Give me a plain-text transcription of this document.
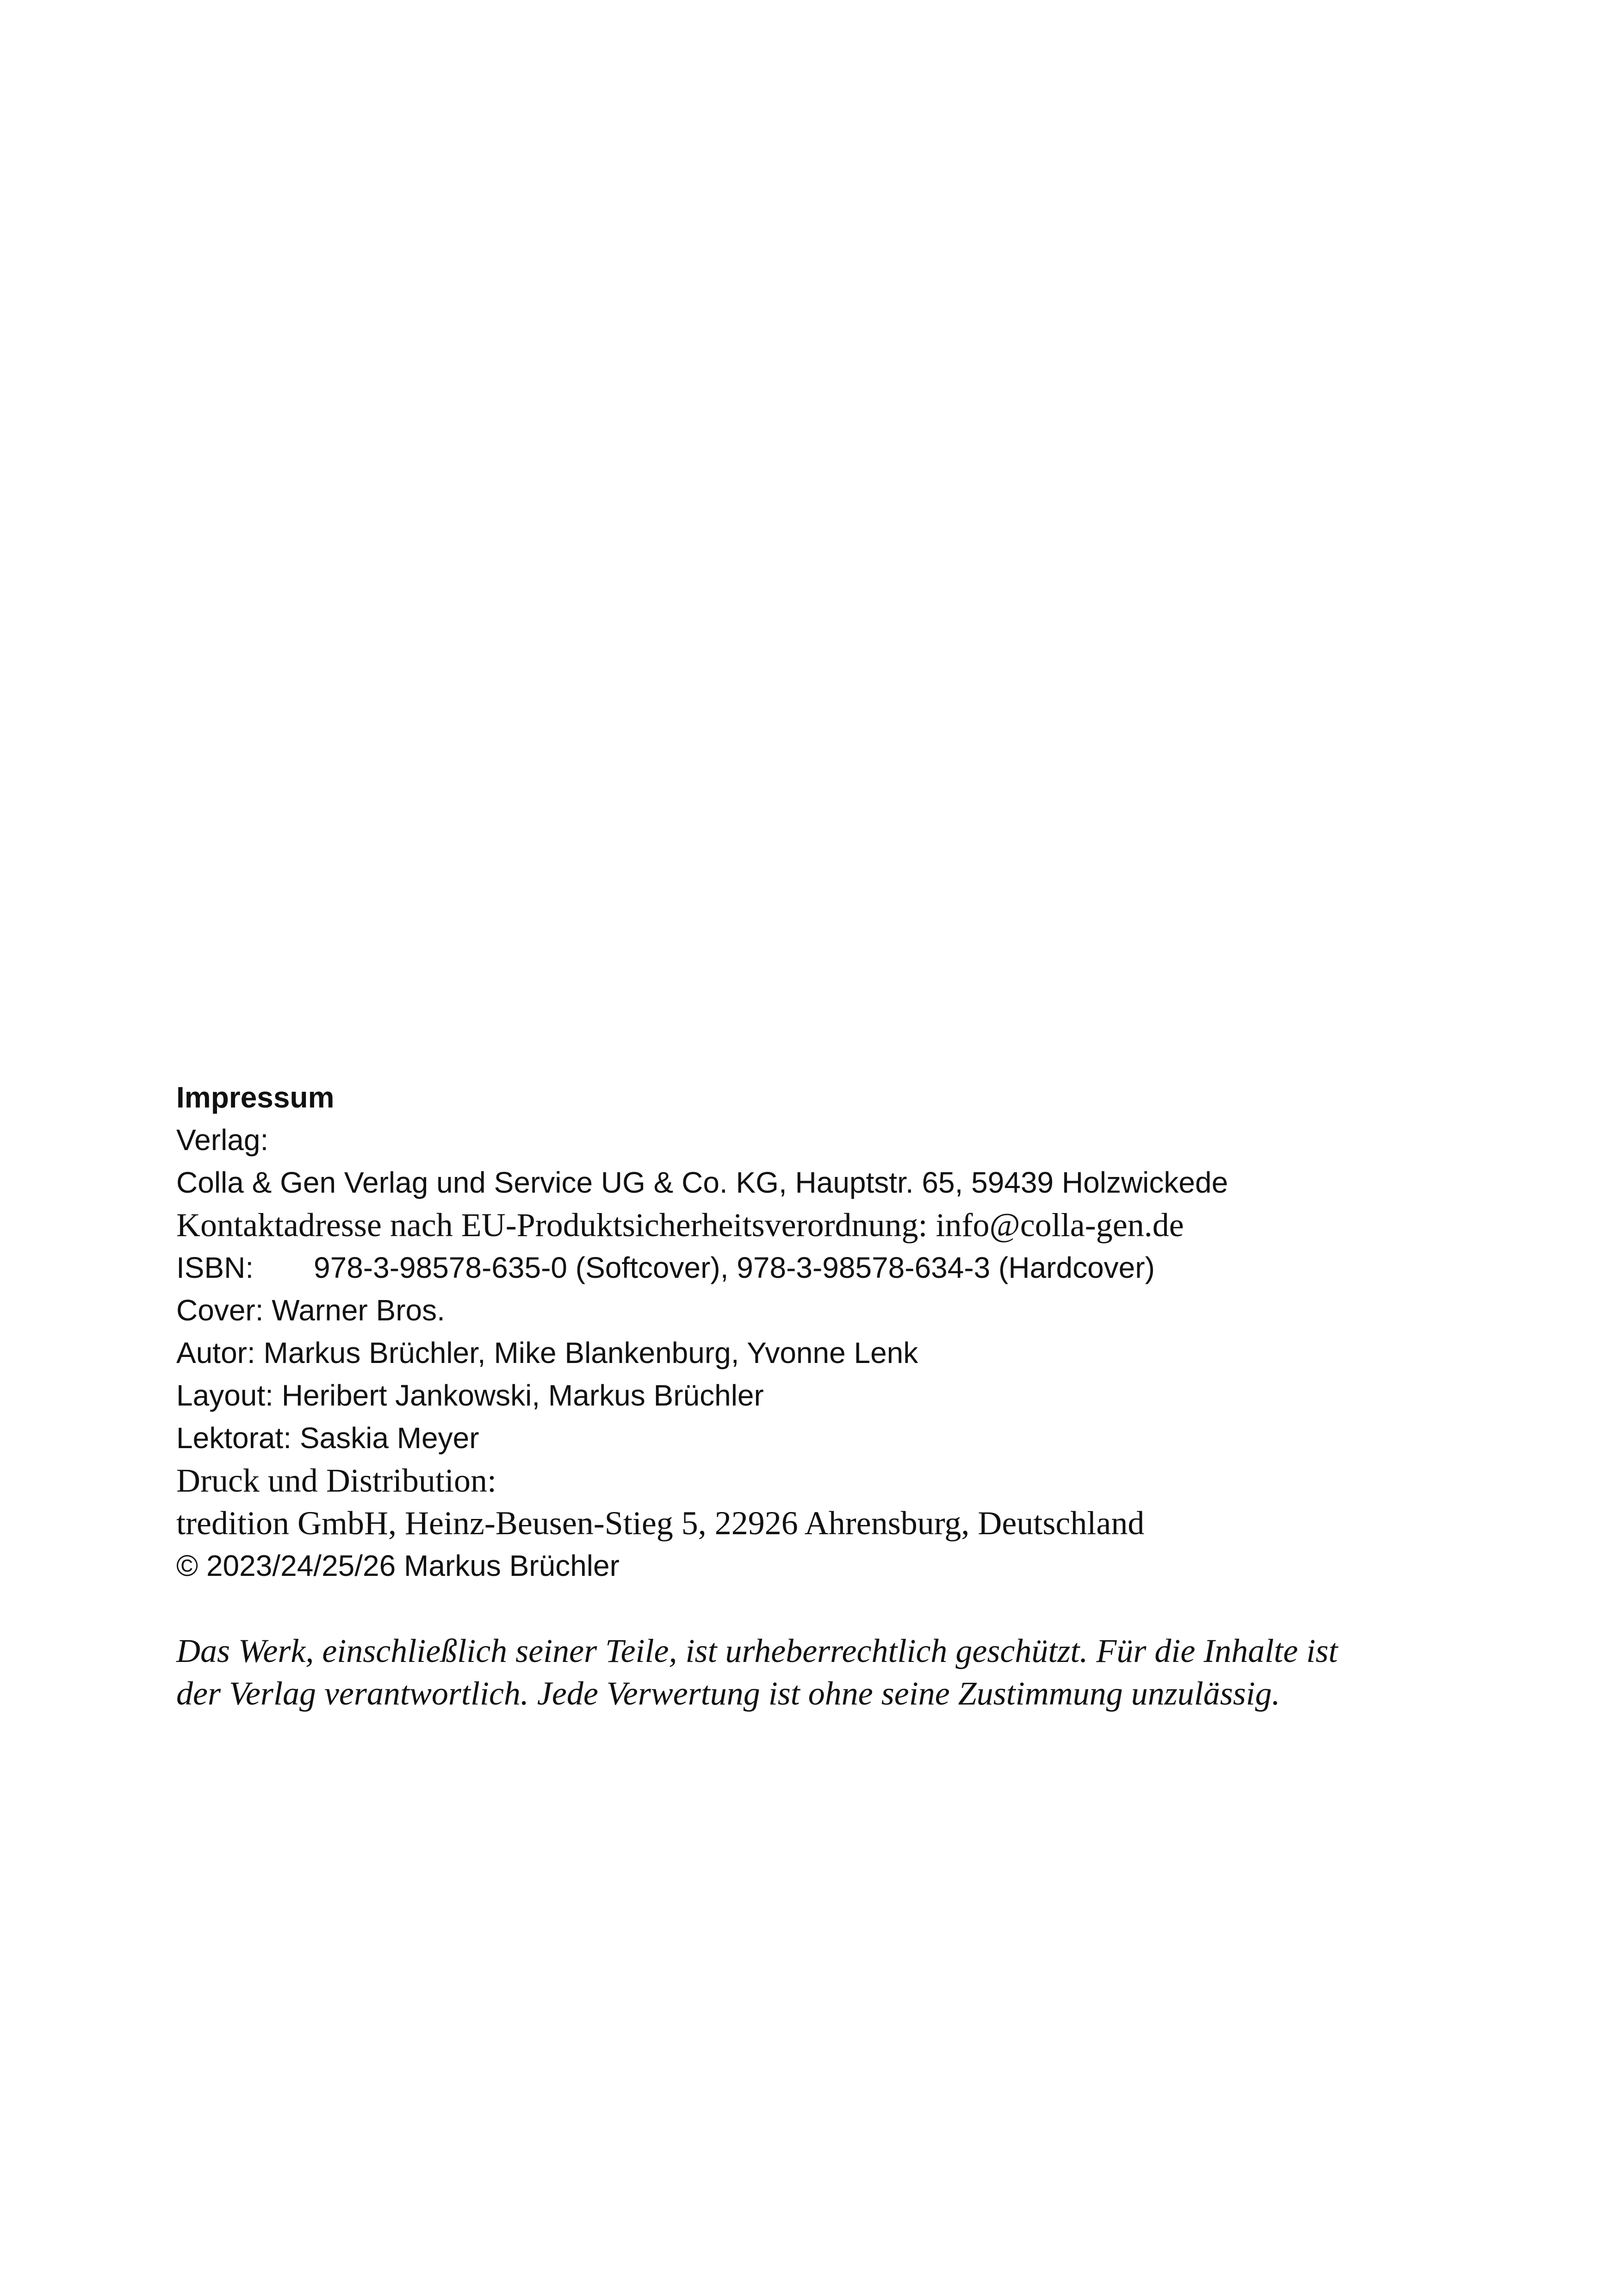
Impressum
Verlag:
Colla & Gen Verlag und Service UG & Co. KG, Hauptstr. 65, 59439 Holzwickede
Kontaktadresse nach EU-Produktsicherheitsverordnung: info@colla-gen.de
ISBN: 978-3-98578-635-0 (Softcover), 978-3-98578-634-3 (Hardcover)
Cover: Warner Bros.
Autor: Markus Brüchler, Mike Blankenburg, Yvonne Lenk
Layout: Heribert Jankowski, Markus Brüchler
Lektorat: Saskia Meyer
Druck und Distribution:
tredition GmbH, Heinz-Beusen-Stieg 5, 22926 Ahrensburg, Deutschland
© 2023/24/25/26 Markus Brüchler
Das Werk, einschließlich seiner Teile, ist urheberrechtlich geschützt. Für die Inhalte ist
der Verlag verantwortlich. Jede Verwertung ist ohne seine Zustimmung unzulässig.
